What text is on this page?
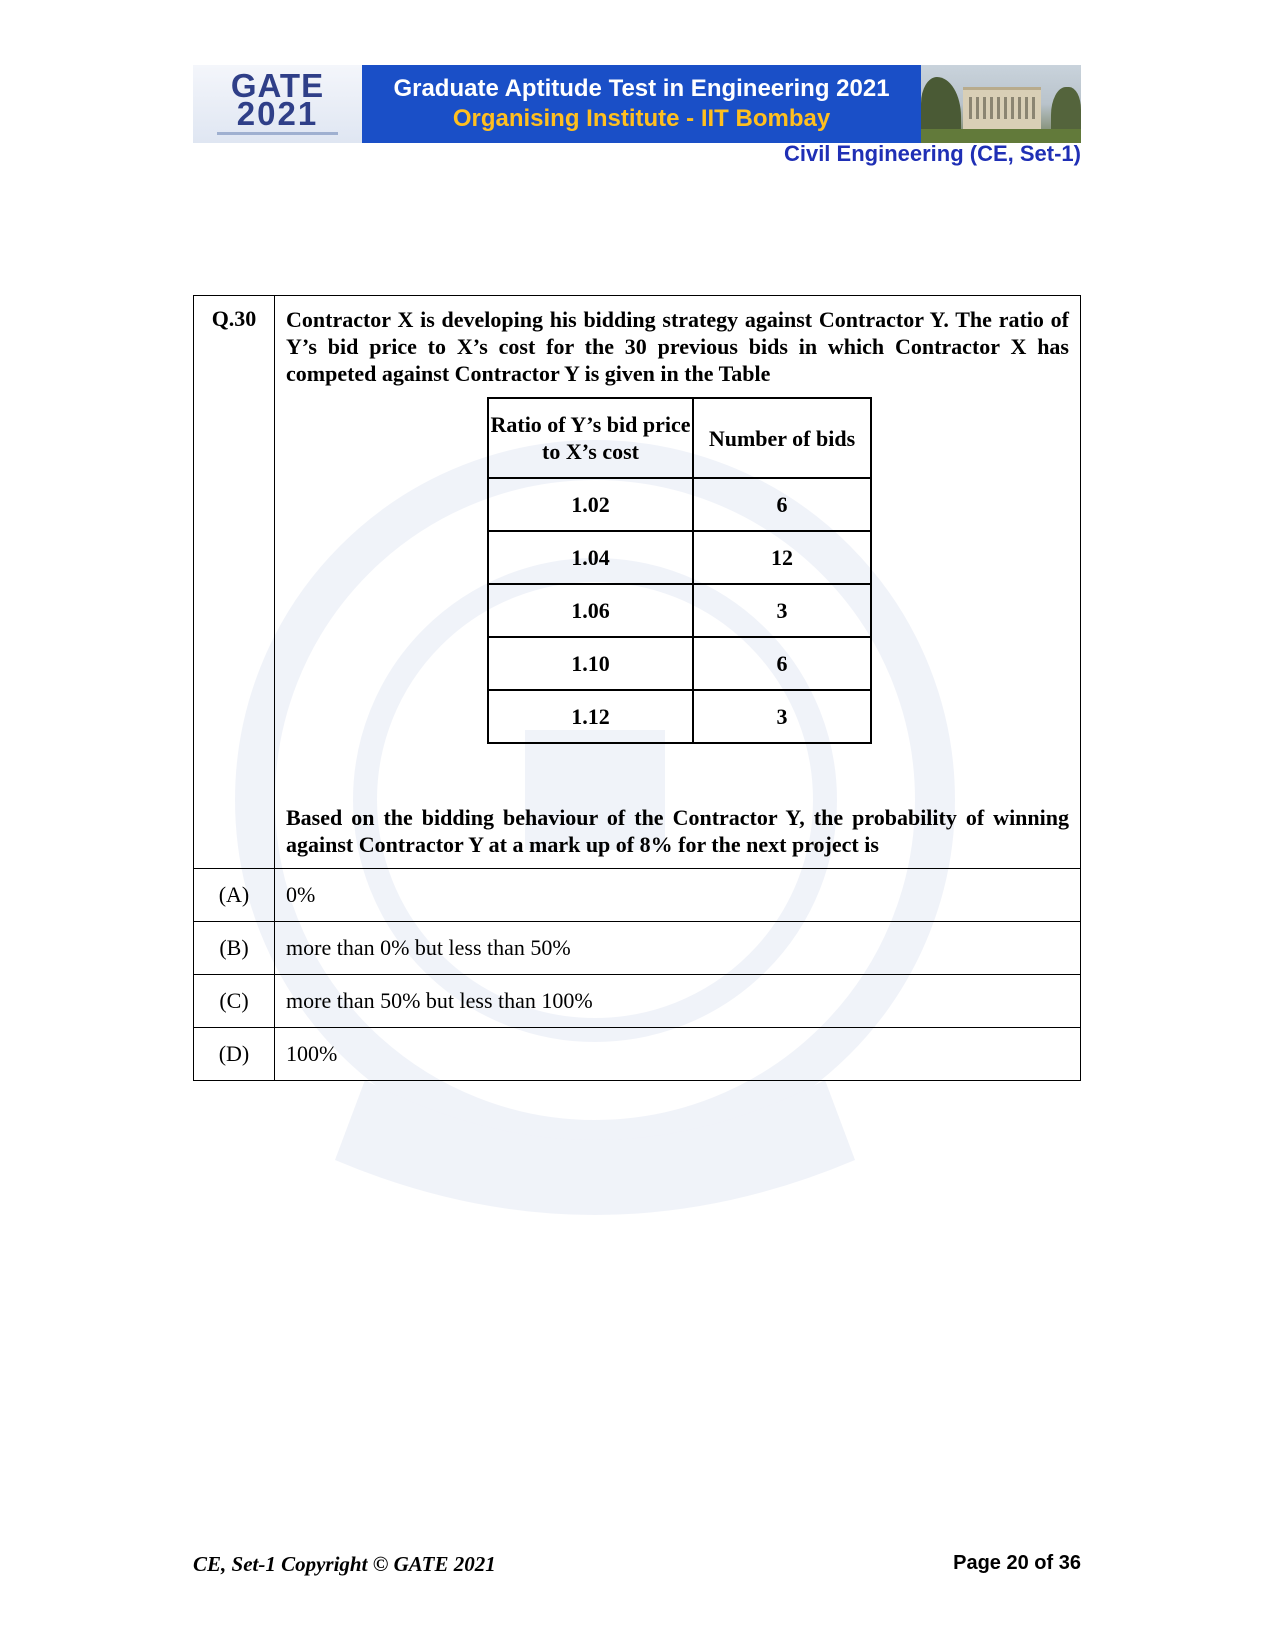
GATE
2021
Graduate Aptitude Test in Engineering 2021
Organising Institute - IIT Bombay
Civil Engineering (CE, Set-1)
Q.30	Contractor X is developing his bidding strategy against Contractor Y. The ratio of Y’s bid price to X’s cost for the 30 previous bids in which Contractor X has competed against Contractor Y is given in the Table
Ratio of Y’s bid price to X’s cost	Number of bids
1.02	6
1.04	12
1.06	3
1.10	6
1.12	3
Based on the bidding behaviour of the Contractor Y, the probability of winning against Contractor Y at a mark up of 8% for the next project is

(A)	0%
(B)	more than 0% but less than 50%
(C)	more than 50% but less than 100%
(D)	100%
CE, Set-1 Copyright © GATE 2021	Page 20 of 36
